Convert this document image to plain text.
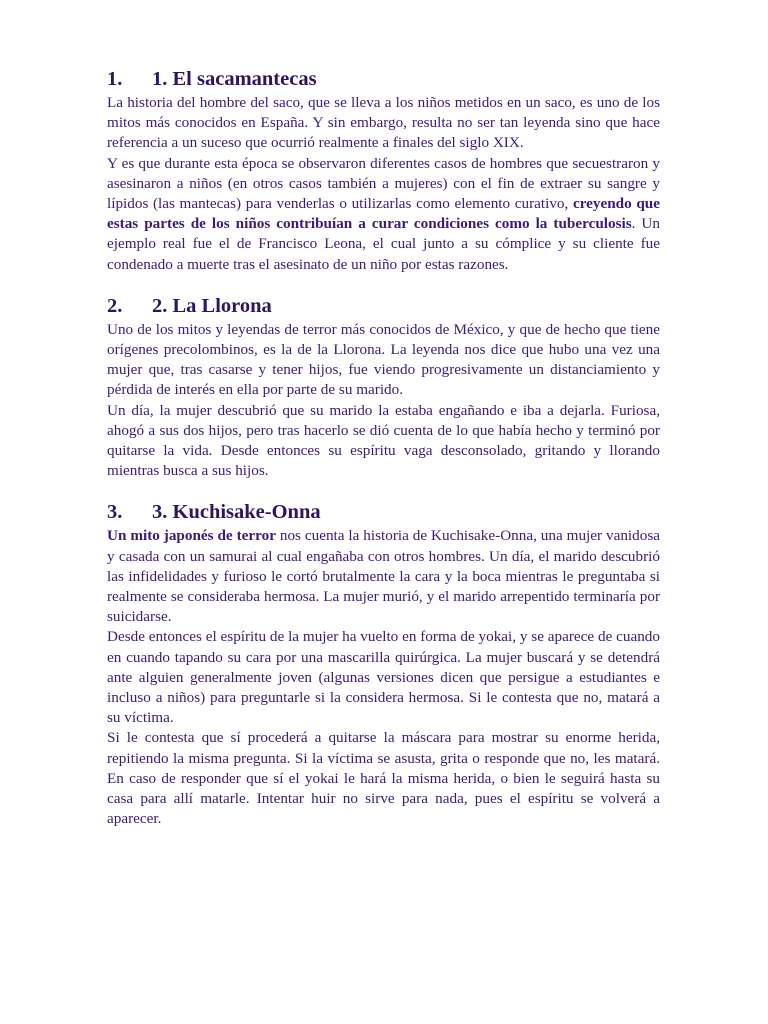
1.	1. El sacamantecas

La historia del hombre del saco, que se lleva a los niños metidos en un saco, es uno de los mitos más conocidos en España. Y sin embargo, resulta no ser tan leyenda sino que hace referencia a un suceso que ocurrió realmente a finales del siglo XIX.

Y es que durante esta época se observaron diferentes casos de hombres que secuestraron y asesinaron a niños (en otros casos también a mujeres) con el fin de extraer su sangre y lípidos (las mantecas) para venderlas o utilizarlas como elemento curativo, creyendo que estas partes de los niños contribuían a curar condiciones como la tuberculosis. Un ejemplo real fue el de Francisco Leona, el cual junto a su cómplice y su cliente fue condenado a muerte tras el asesinato de un niño por estas razones.

2.	2. La Llorona

Uno de los mitos y leyendas de terror más conocidos de México, y que de hecho que tiene orígenes precolombinos, es la de la Llorona. La leyenda nos dice que hubo una vez una mujer que, tras casarse y tener hijos, fue viendo progresivamente un distanciamiento y pérdida de interés en ella por parte de su marido.

Un día, la mujer descubrió que su marido la estaba engañando e iba a dejarla. Furiosa, ahogó a sus dos hijos, pero tras hacerlo se dió cuenta de lo que había hecho y terminó por quitarse la vida. Desde entonces su espíritu vaga desconsolado, gritando y llorando mientras busca a sus hijos.

3.	3. Kuchisake-Onna

Un mito japonés de terror nos cuenta la historia de Kuchisake-Onna, una mujer vanidosa y casada con un samurai al cual engañaba con otros hombres. Un día, el marido descubrió las infidelidades y furioso le cortó brutalmente la cara y la boca mientras le preguntaba si realmente se consideraba hermosa. La mujer murió, y el marido arrepentido terminaría por suicidarse.

Desde entonces el espíritu de la mujer ha vuelto en forma de yokai, y se aparece de cuando en cuando tapando su cara por una mascarilla quirúrgica. La mujer buscará y se detendrá ante alguien generalmente joven (algunas versiones dicen que persigue a estudiantes e incluso a niños) para preguntarle si la considera hermosa. Si le contesta que no, matará a su víctima.

Si le contesta que sí procederá a quitarse la máscara para mostrar su enorme herida, repitiendo la misma pregunta. Si la víctima se asusta, grita o responde que no, les matará. En caso de responder que sí el yokai le hará la misma herida, o bien le seguirá hasta su casa para allí matarle. Intentar huir no sirve para nada, pues el espíritu se volverá a aparecer.
